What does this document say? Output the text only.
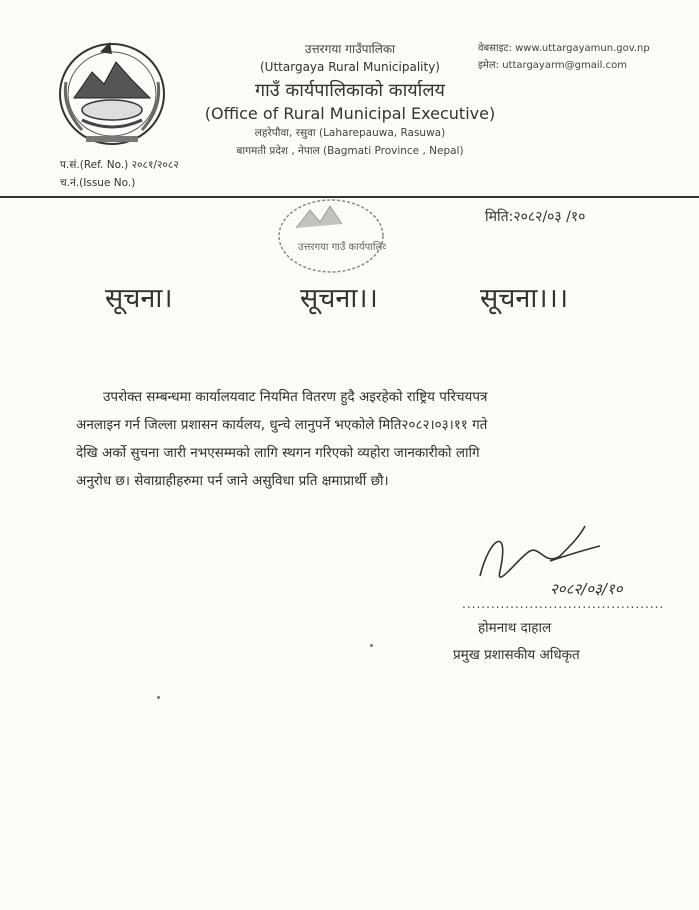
उत्तरगया गाउँपालिका
(Uttargaya Rural Municipality)
गाउँ कार्यपालिकाको कार्यालय
(Office of Rural Municipal Executive)
लहरेपौवा, रसुवा (Laharepauwa, Rasuwa)
बागमती प्रदेश , नेपाल (Bagmati Province , Nepal)
वेबसाइट: www.uttargayamun.gov.np
इमेल: uttargayarm@gmail.com
प.सं.(Ref. No.) २०८१/२०८२
च.नं.(Issue No.)
मिति:२०८२/०३ /१०
उत्तरगया गाउँ कार्यपालिका
सूचना।	सूचना।।	सूचना।।।
उपरोक्त सम्बन्धमा कार्यालयवाट नियमित वितरण हुदै अइरहेको राष्ट्रिय परिचयपत्र
अनलाइन गर्न जिल्ला प्रशासन कार्यलय, धुन्चे लानुपर्ने भएकोले मिति२०८२।०३।११ गते
देखि अर्को सुचना जारी नभएसम्मको लागि स्थगन गरिएको व्यहोरा जानकारीको लागि
अनुरोध छ। सेवाग्राहीहरुमा पर्न जाने असुविधा प्रति क्षमाप्रार्थी छौ।
२०८२/०३/१०
..........................................
होमनाथ दाहाल
प्रमुख प्रशासकीय अधिकृत
